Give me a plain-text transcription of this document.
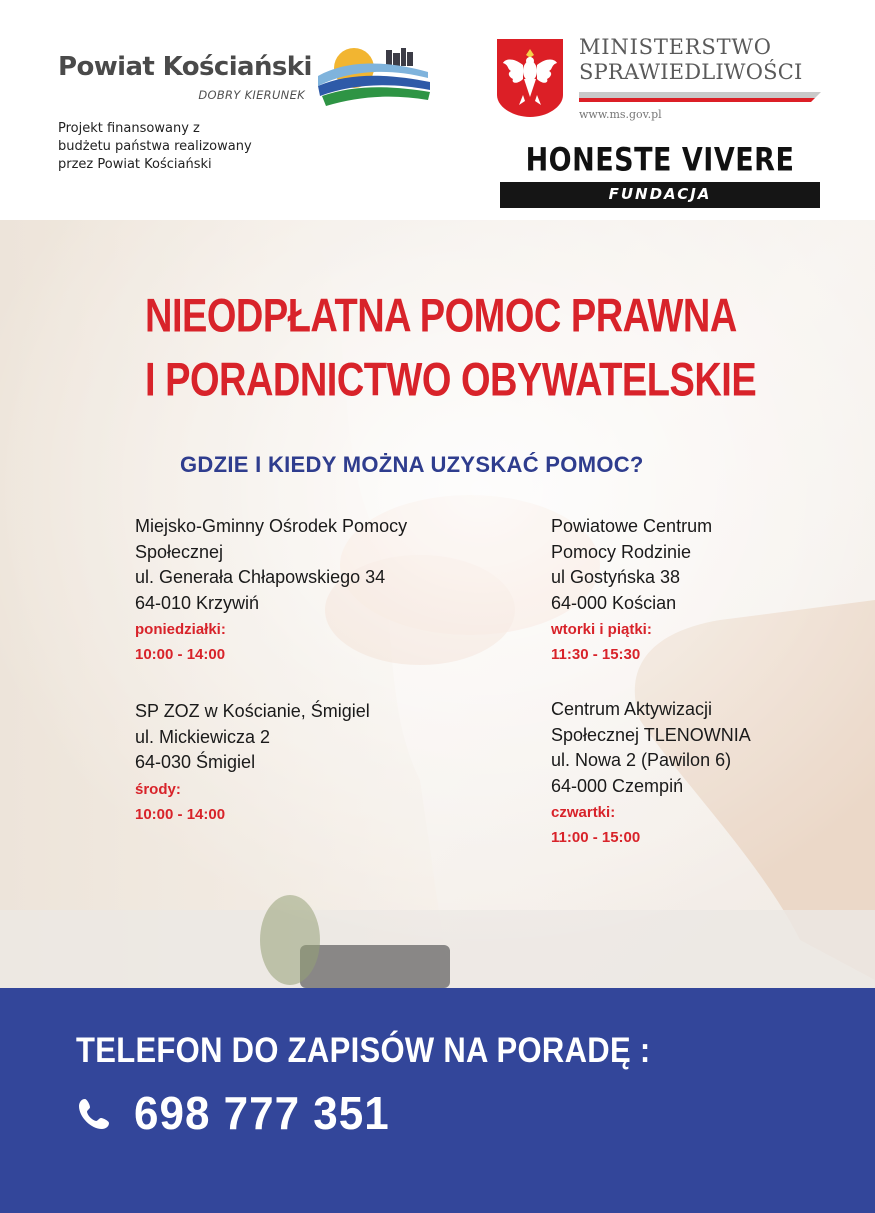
Powiat Kościański
DOBRY KIERUNEK
Projekt finansowany z
budżetu państwa realizowany
przez Powiat Kościański
MINISTERSTWO
SPRAWIEDLIWOŚCI
www.ms.gov.pl
HONESTE VIVERE
FUNDACJA
NIEODPŁATNA POMOC PRAWNA
I PORADNICTWO OBYWATELSKIE
GDZIE I KIEDY MOŻNA UZYSKAĆ POMOC?
Miejsko-Gminny Ośrodek Pomocy
Społecznej
ul. Generała Chłapowskiego 34
64-010 Krzywiń
poniedziałki:
10:00 - 14:00
Powiatowe Centrum
Pomocy Rodzinie
ul Gostyńska 38
64-000 Kościan
wtorki i piątki:
11:30 - 15:30
SP ZOZ w Kościanie, Śmigiel
ul. Mickiewicza 2
64-030 Śmigiel
środy:
10:00 - 14:00
Centrum Aktywizacji
Społecznej TLENOWNIA
ul. Nowa 2 (Pawilon 6)
64-000 Czempiń
czwartki:
11:00 - 15:00
TELEFON DO ZAPISÓW NA PORADĘ :
698 777 351
